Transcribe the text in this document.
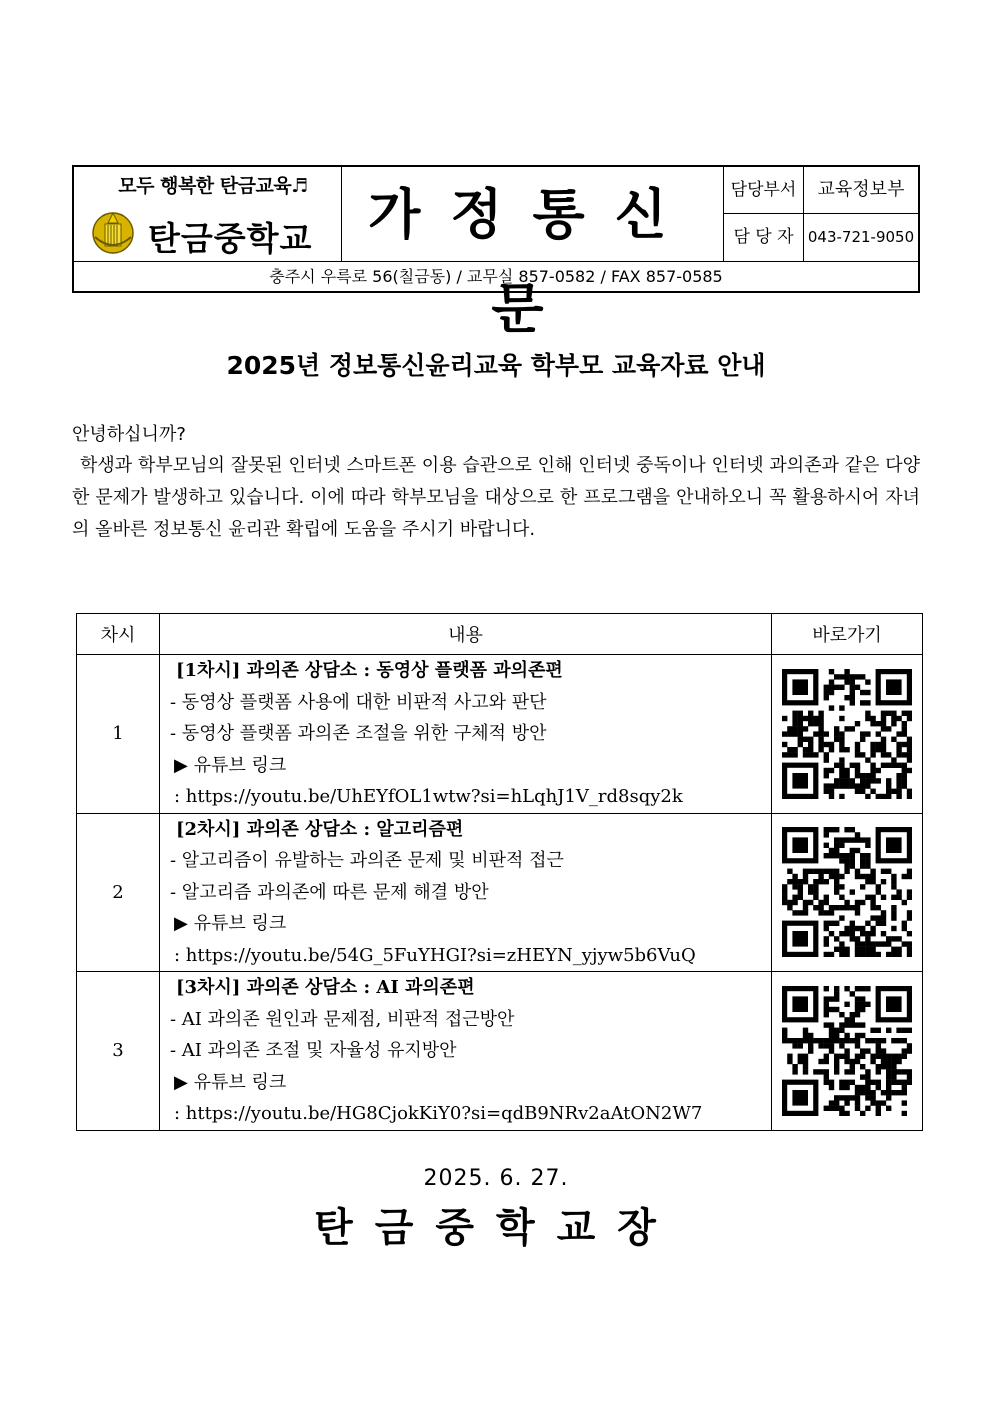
모두 행복한 탄금교육♬
탄금중학교	가정통신문
담당부서	교육정보부
담 당 자 043-721-9050
충주시 우륵로 56(칠금동) / 교무실 857-0582 / FAX 857-0585
2025년 정보통신윤리교육 학부모 교육자료 안내
안녕하십니까?
학생과 학부모님의 잘못된 인터넷 스마트폰 이용 습관으로 인해 인터넷 중독이나 인터넷 과의존과 같은 다양한 문제가 발생하고 있습니다. 이에 따라 학부모님을 대상으로 한 프로그램을 안내하오니 꼭 활용하시어 자녀의 올바른 정보통신 윤리관 확립에 도움을 주시기 바랍니다.
차시	내용	바로가기
1	[1차시] 과의존 상담소 : 동영상 플랫폼 과의존편
- 동영상 플랫폼 사용에 대한 비판적 사고와 판단
- 동영상 플랫폼 과의존 조절을 위한 구체적 방안
▶ 유튜브 링크
: https://youtu.be/UhEYfOL1wtw?si=hLqhJ1V_rd8sqy2k

2	[2차시] 과의존 상담소 : 알고리즘편
- 알고리즘이 유발하는 과의존 문제 및 비판적 접근
- 알고리즘 과의존에 따른 문제 해결 방안
▶ 유튜브 링크
: https://youtu.be/54G_5FuYHGI?si=zHEYN_yjyw5b6VuQ

3	[3차시] 과의존 상담소 : AI 과의존편
- AI 과의존 원인과 문제점, 비판적 접근방안
- AI 과의존 조절 및 자율성 유지방안
▶ 유튜브 링크
: https://youtu.be/HG8CjokKiY0?si=qdB9NRv2aAtON2W7

2025. 6. 27.
탄금중학교장
